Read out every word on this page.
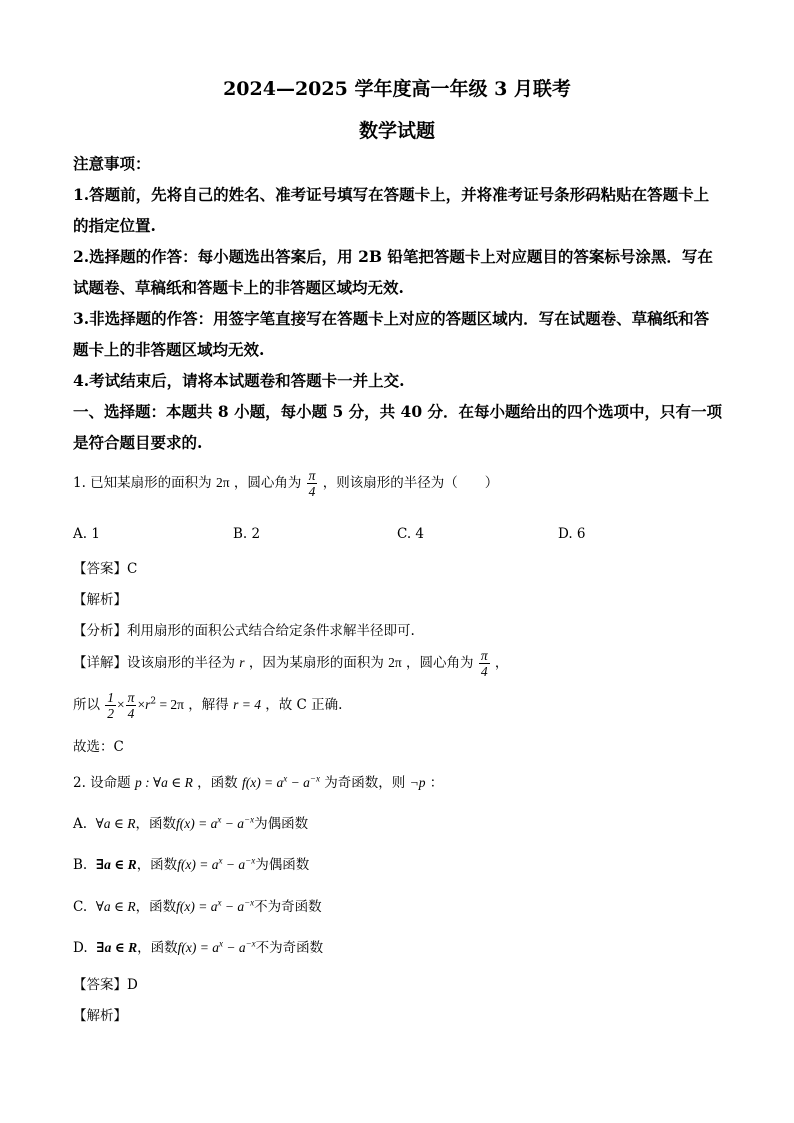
2024—2025 学年度高一年级 3 月联考
数学试题
注意事项：
1.答题前，先将自己的姓名、准考证号填写在答题卡上，并将准考证号条形码粘贴在答题卡上
的指定位置.
2.选择题的作答：每小题选出答案后，用 2B 铅笔把答题卡上对应题目的答案标号涂黑．写在
试题卷、草稿纸和答题卡上的非答题区域均无效.
3.非选择题的作答：用签字笔直接写在答题卡上对应的答题区域内．写在试题卷、草稿纸和答
题卡上的非答题区域均无效.
4.考试结束后，请将本试题卷和答题卡一并上交.
一、选择题：本题共 8 小题，每小题 5 分，共 40 分．在每小题给出的四个选项中，只有一项
是符合题目要求的.
1. 已知某扇形的面积为 2π ，圆心角为 $\frac{\pi}{4}$ ，则该扇形的半径为（　　）
A. 1	B. 2	C. 4	D. 6
【答案】C
【解析】
【分析】利用扇形的面积公式结合给定条件求解半径即可.
【详解】设该扇形的半径为 r ，因为某扇形的面积为 2π ，圆心角为 $\frac{\pi}{4}$ ，
所以 $\frac{1}{2} \times \frac{\pi}{4} \times r^2 = 2\pi$ ，解得 r = 4 ，故 C 正确.
故选：C
2. 设命题 p : ∀a ∈ R ，函数 $f(x) = a^x - a^{-x}$ 为奇函数，则 ¬p ：
A. ∀a ∈ R，函数$f(x) = a^x - a^{-x}$为偶函数
B. ∃a ∈ R，函数$f(x) = a^x - a^{-x}$为偶函数
C. ∀a ∈ R，函数$f(x) = a^x - a^{-x}$不为奇函数
D. ∃a ∈ R，函数$f(x) = a^x - a^{-x}$不为奇函数
【答案】D
【解析】
